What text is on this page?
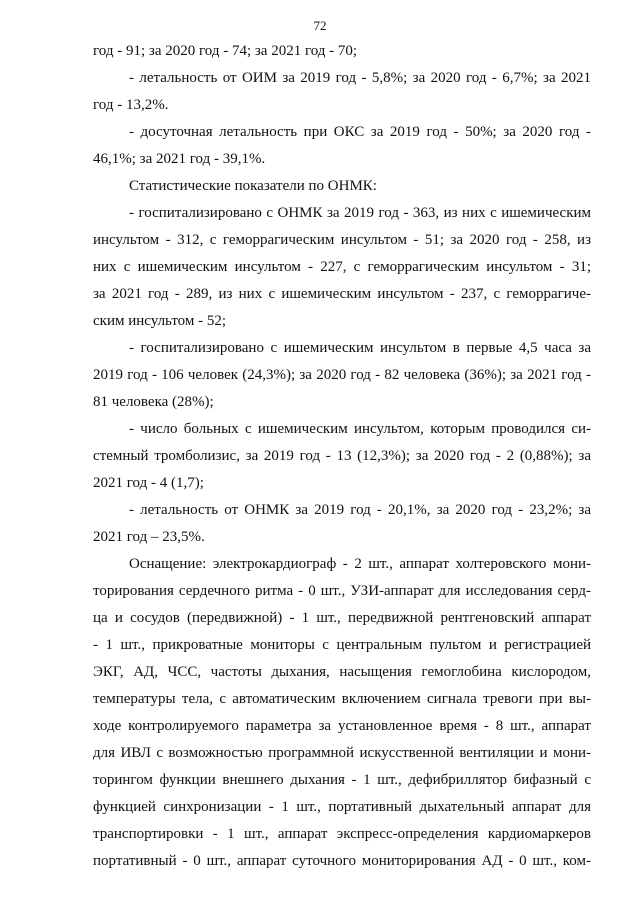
72
год - 91; за 2020 год - 74; за 2021 год - 70;
- летальность от ОИМ за 2019 год - 5,8%; за 2020 год - 6,7%; за 2021
год - 13,2%.
- досуточная летальность при ОКС за 2019 год - 50%; за 2020 год -
46,1%; за 2021 год - 39,1%.
Статистические показатели по ОНМК:
- госпитализировано с ОНМК за 2019 год - 363, из них с ишемическим
инсультом - 312, с геморрагическим инсультом - 51; за 2020 год - 258, из
них с ишемическим инсультом - 227, с геморрагическим инсультом - 31;
за 2021 год - 289, из них с ишемическим инсультом - 237, с геморрагиче-
ским инсультом - 52;
- госпитализировано с ишемическим инсультом в первые 4,5 часа за
2019 год - 106 человек (24,3%); за 2020 год - 82 человека (36%); за 2021 год -
81 человека (28%);
- число больных с ишемическим инсультом, которым проводился си-
стемный тромболизис, за 2019 год - 13 (12,3%); за 2020 год - 2 (0,88%); за
2021 год - 4 (1,7);
- летальность от ОНМК за 2019 год - 20,1%, за 2020 год - 23,2%; за
2021 год – 23,5%.
Оснащение: электрокардиограф - 2 шт., аппарат холтеровского мони-
торирования сердечного ритма - 0 шт., УЗИ-аппарат для исследования серд-
ца и сосудов (передвижной) - 1 шт., передвижной рентгеновский аппарат
- 1 шт., прикроватные мониторы с центральным пультом и регистрацией
ЭКГ, АД, ЧСС, частоты дыхания, насыщения гемоглобина кислородом,
температуры тела, с автоматическим включением сигнала тревоги при вы-
ходе контролируемого параметра за установленное время - 8 шт., аппарат
для ИВЛ с возможностью программной искусственной вентиляции и мони-
торингом функции внешнего дыхания - 1 шт., дефибриллятор бифазный с
функцией синхронизации - 1 шт., портативный дыхательный аппарат для
транспортировки - 1 шт., аппарат экспресс-определения кардиомаркеров
портативный - 0 шт., аппарат суточного мониторирования АД - 0 шт., ком-
